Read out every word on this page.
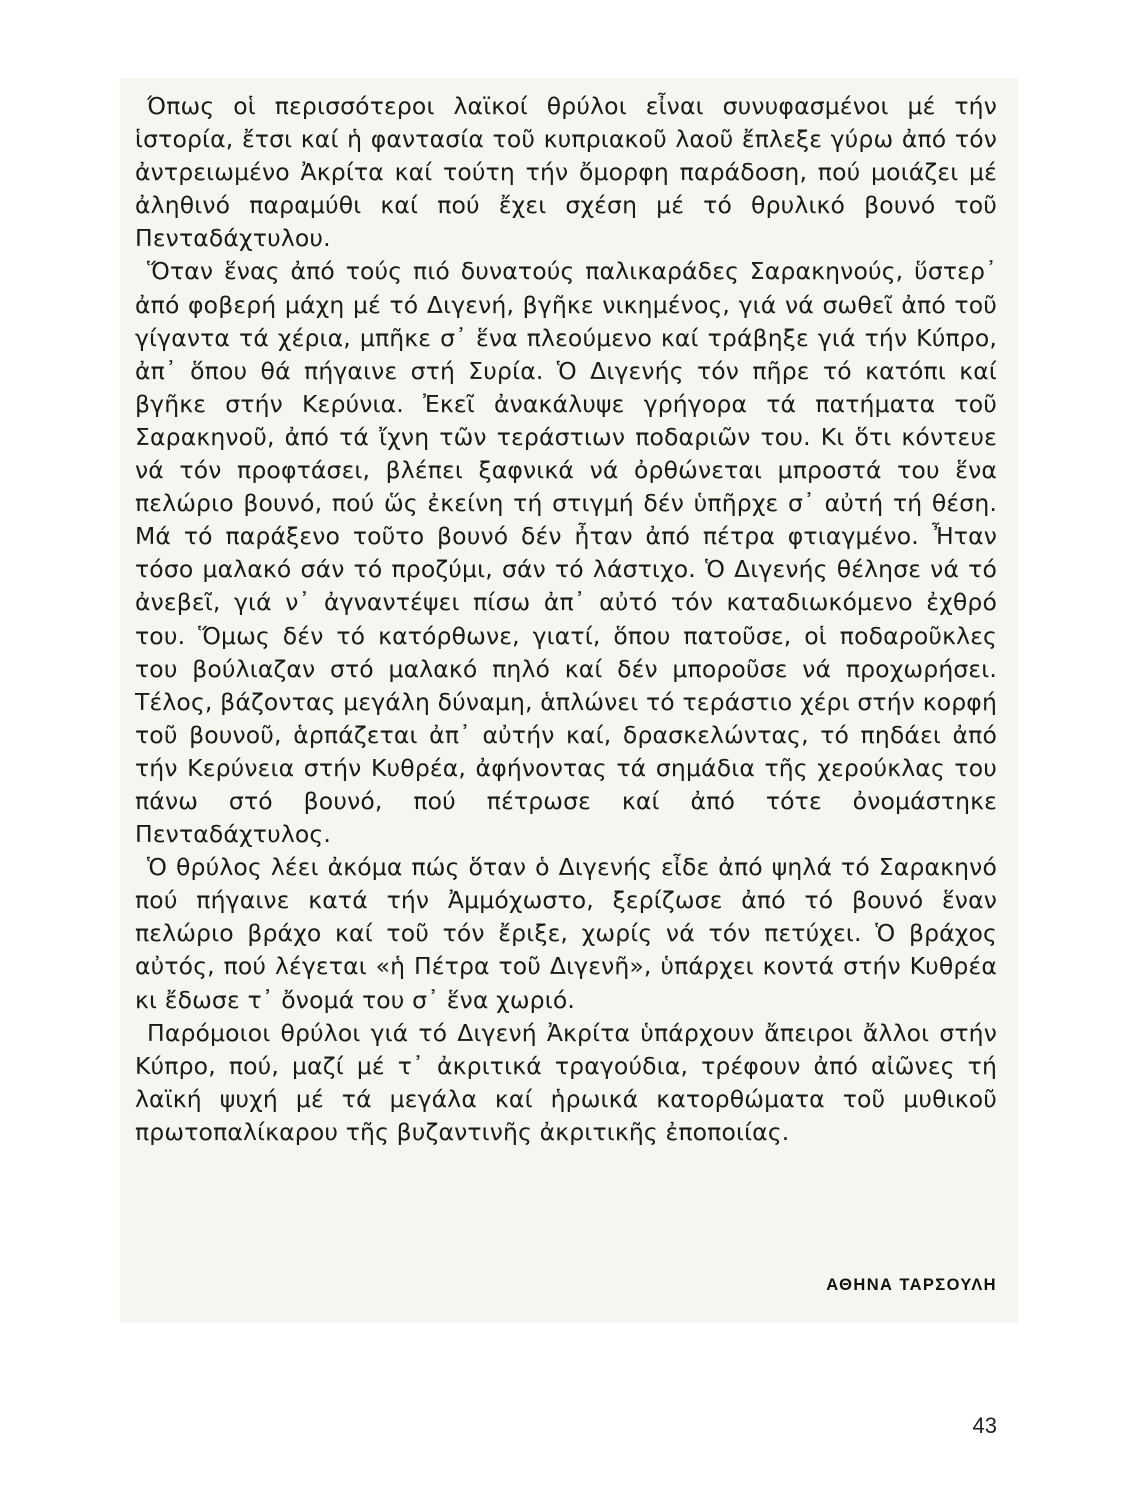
Όπως οἱ περισσότεροι λαϊκοί θρύλοι εἶναι συνυφασμένοι μέ τήν ἱστορία, ἔτσι καί ἡ φαντασία τοῦ κυπριακοῦ λαοῦ ἔπλεξε γύρω ἀπό τόν ἀντρειωμένο Ἀκρίτα καί τούτη τήν ὄμορφη παράδοση, πού μοιάζει μέ ἀληθινό παραμύθι καί πού ἔχει σχέση μέ τό θρυλικό βουνό τοῦ Πενταδάχτυλου.

Ὅταν ἕνας ἀπό τούς πιό δυνατούς παλικαράδες Σαρακηνούς, ὕστερ᾽ ἀπό φοβερή μάχη μέ τό Διγενή, βγῆκε νικημένος, γιά νά σωθεῖ ἀπό τοῦ γίγαντα τά χέρια, μπῆκε σ᾽ ἕνα πλεούμενο καί τράβηξε γιά τήν Κύπρο, ἀπ᾽ ὅπου θά πήγαινε στή Συρία. Ὁ Διγενής τόν πῆρε τό κατόπι καί βγῆκε στήν Κερύνια. Ἐκεῖ ἀνακάλυψε γρήγορα τά πατήματα τοῦ Σαρακηνοῦ, ἀπό τά ἴχνη τῶν τεράστιων ποδαριῶν του. Κι ὅτι κόντευε νά τόν προφτάσει, βλέπει ξαφνικά νά ὀρθώνεται μπροστά του ἕνα πελώριο βουνό, πού ὥς ἐκείνη τή στιγμή δέν ὑπῆρχε σ᾽ αὐτή τή θέση. Μά τό παράξενο τοῦτο βουνό δέν ἦταν ἀπό πέτρα φτιαγμένο. Ἦταν τόσο μαλακό σάν τό προζύμι, σάν τό λάστιχο. Ὁ Διγενής θέλησε νά τό ἀνεβεῖ, γιά ν᾽ ἀγναντέψει πίσω ἀπ᾽ αὐτό τόν καταδιωκόμενο ἐχθρό του. Ὅμως δέν τό κατόρθωνε, γιατί, ὅπου πατοῦσε, οἱ ποδαροῦκλες του βούλιαζαν στό μαλακό πηλό καί δέν μποροῦσε νά προχωρήσει. Τέλος, βάζοντας μεγάλη δύναμη, ἁπλώνει τό τεράστιο χέρι στήν κορφή τοῦ βουνοῦ, ἁρπάζεται ἀπ᾽ αὐτήν καί, δρασκελώντας, τό πηδάει ἀπό τήν Κερύνεια στήν Κυθρέα, ἀφήνοντας τά σημάδια τῆς χερούκλας του πάνω στό βουνό, πού πέτρωσε καί ἀπό τότε ὀνομάστηκε Πενταδάχτυλος.

Ὁ θρύλος λέει ἀκόμα πώς ὅταν ὁ Διγενής εἶδε ἀπό ψηλά τό Σαρακηνό πού πήγαινε κατά τήν Ἀμμόχωστο, ξερίζωσε ἀπό τό βουνό ἕναν πελώριο βράχο καί τοῦ τόν ἔριξε, χωρίς νά τόν πετύχει. Ὁ βράχος αὐτός, πού λέγεται «ἡ Πέτρα τοῦ Διγενῆ», ὑπάρχει κοντά στήν Κυθρέα κι ἔδωσε τ᾽ ὄνομά του σ᾽ ἕνα χωριό.

Παρόμοιοι θρύλοι γιά τό Διγενή Ἀκρίτα ὑπάρχουν ἄπειροι ἄλλοι στήν Κύπρο, πού, μαζί μέ τ᾽ ἀκριτικά τραγούδια, τρέφουν ἀπό αἰῶνες τή λαϊκή ψυχή μέ τά μεγάλα καί ἡρωικά κατορθώματα τοῦ μυθικοῦ πρωτοπαλίκαρου τῆς βυζαντινῆς ἀκριτικῆς ἐποποιίας.

ΑΘΗΝΑ ΤΑΡΣΟΥΛΗ
43
